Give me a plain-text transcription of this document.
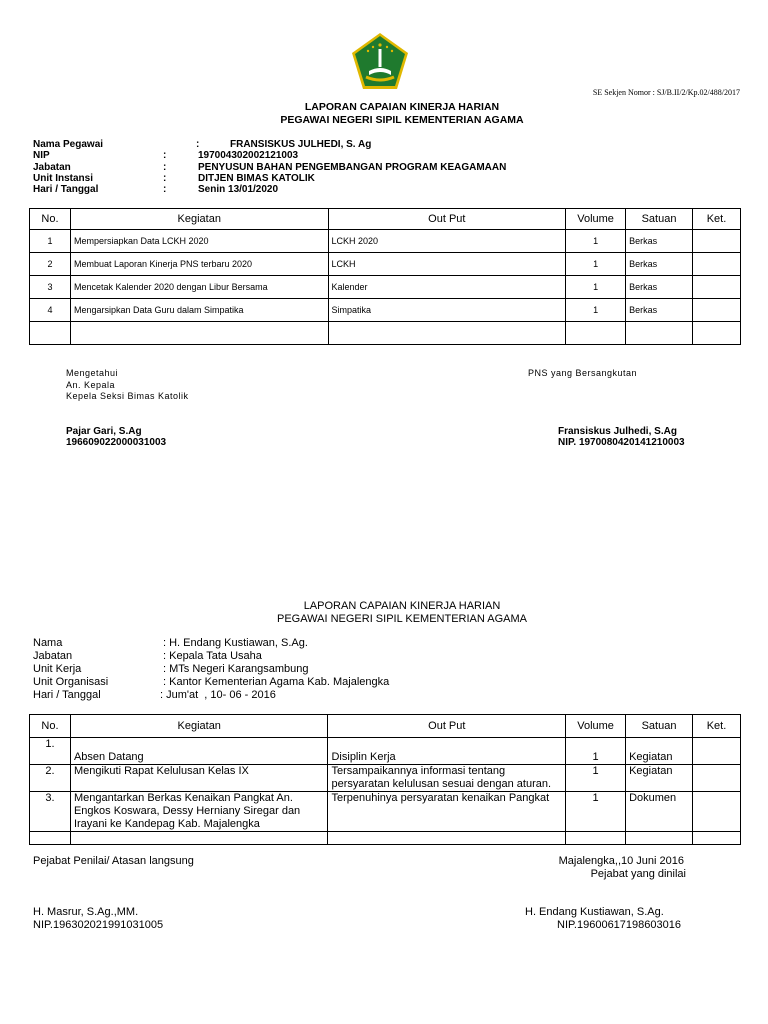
SE Sekjen Nomor : SJ/B.II/2/Kp.02/488/2017
LAPORAN CAPAIAN KINERJA HARIAN
PEGAWAI NEGERI SIPIL KEMENTERIAN AGAMA
Nama Pegawai	:	FRANSISKUS JULHEDI, S. Ag
NIP	:	197004302002121003
Jabatan	:	PENYUSUN BAHAN PENGEMBANGAN PROGRAM KEAGAMAAN
Unit Instansi	:	DITJEN BIMAS KATOLIK
Hari / Tanggal	:	Senin 13/01/2020
No.	Kegiatan	Out Put	Volume	Satuan	Ket.
1	Mempersiapkan Data LCKH 2020	LCKH 2020	1	Berkas	
2	Membuat Laporan Kinerja PNS terbaru 2020	LCKH	1	Berkas	
3	Mencetak Kalender 2020 dengan Libur Bersama	Kalender	1	Berkas	
4	Mengarsipkan Data Guru dalam Simpatika	Simpatika	1	Berkas	

Mengetahui
An. Kepala
Kepela Seksi Bimas Katolik
Pajar Gari, S.Ag
196609022000031003
PNS yang Bersangkutan
Fransiskus Julhedi, S.Ag
NIP. 1970080420141210003
LAPORAN CAPAIAN KINERJA HARIAN
PEGAWAI NEGERI SIPIL KEMENTERIAN AGAMA
Nama	: H. Endang Kustiawan, S.Ag.
Jabatan	: Kepala Tata Usaha
Unit Kerja	: MTs Negeri Karangsambung
Unit Organisasi	: Kantor Kementerian Agama Kab. Majalengka
Hari / Tanggal	: Jum'at  , 10- 06 - 2016
No.	Kegiatan	Out Put	Volume	Satuan	Ket.
1.	Absen Datang	Disiplin Kerja	1	Kegiatan	
2.	Mengikuti Rapat Kelulusan Kelas IX	Tersampaikannya informasi tentang persyaratan kelulusan sesuai dengan aturan.	1	Kegiatan	
3.	Mengantarkan Berkas Kenaikan Pangkat An. Engkos Koswara, Dessy Herniany Siregar dan Irayani ke Kandepag Kab. Majalengka	Terpenuhinya persyaratan kenaikan Pangkat	1	Dokumen	

Pejabat Penilai/ Atasan langsung
H. Masrur, S.Ag.,MM.
NIP.196302021991031005
Majalengka,,10 Juni 2016
Pejabat yang dinilai
H. Endang Kustiawan, S.Ag.
NIP.19600617198603016
